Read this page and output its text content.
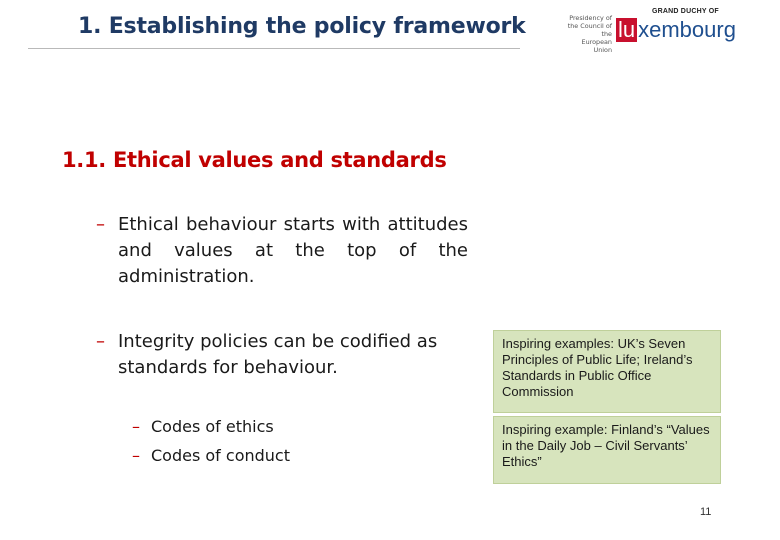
1. Establishing the policy framework	Presidency of
the Council of the
European Union
GRAND DUCHY OF
lu xembourg
1.1. Ethical values and standards
– Ethical behaviour starts with attitudes and values at the top of the administration.
– Integrity policies can be codified as standards for behaviour.
– Codes of ethics
– Codes of conduct
Inspiring examples: UK’s Seven Principles of Public Life; Ireland’s Standards in Public Office Commission
Inspiring example: Finland’s “Values in the Daily Job – Civil Servants’ Ethics”
11
